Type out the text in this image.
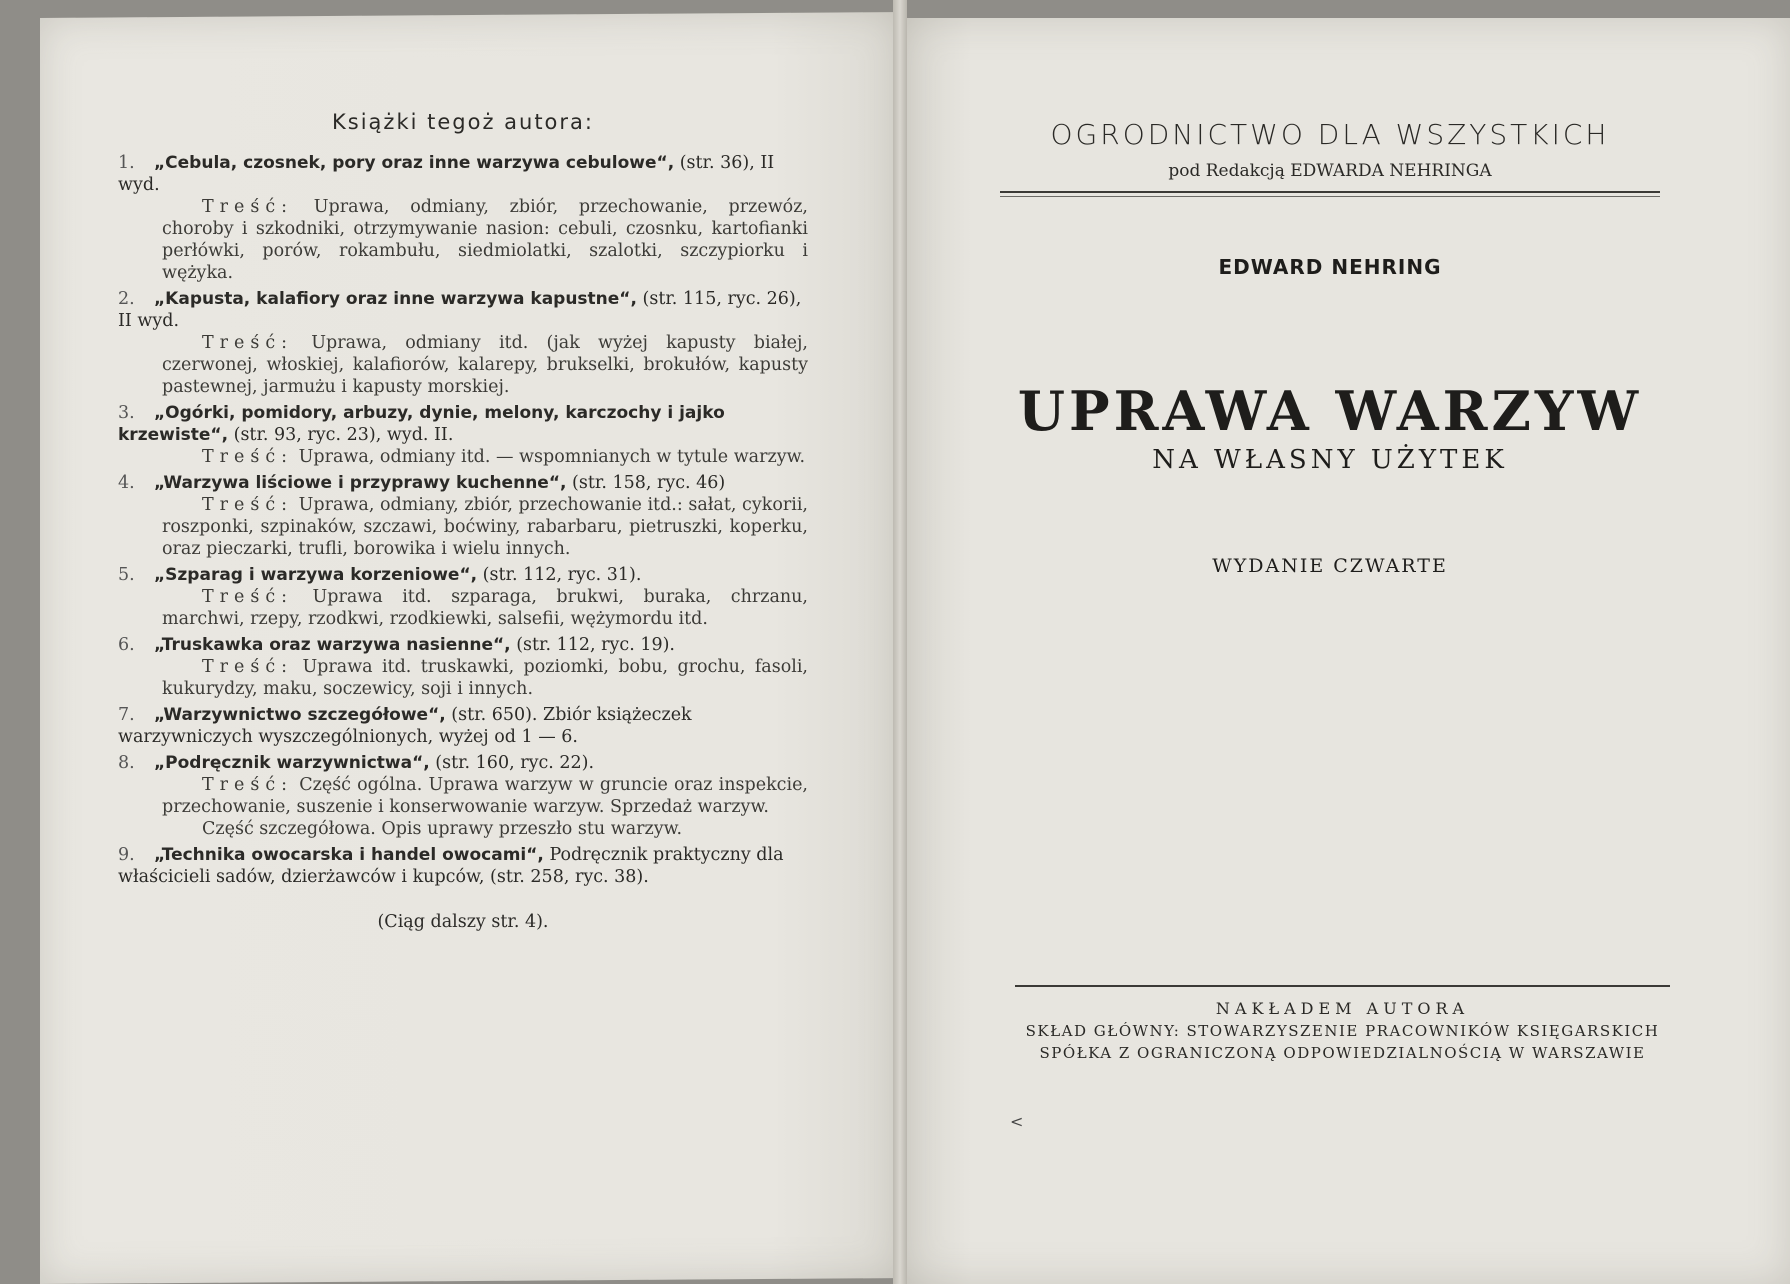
Książki tegoż autora:
1. „Cebula, czosnek, pory oraz inne warzywa cebulowe“, (str. 36), II wyd.
Treść: Uprawa, odmiany, zbiór, przechowanie, przewóz, choroby i szkodniki, otrzymywanie nasion: cebuli, czosnku, kartofianki perłówki, porów, rokambułu, siedmiolatki, szalotki, szczypiorku i wężyka.
2. „Kapusta, kalafiory oraz inne warzywa kapustne“, (str. 115, ryc. 26), II wyd.
Treść: Uprawa, odmiany itd. (jak wyżej kapusty białej, czerwonej, włoskiej, kalafiorów, kalarepy, brukselki, brokułów, kapusty pastewnej, jarmużu i kapusty morskiej.
3. „Ogórki, pomidory, arbuzy, dynie, melony, karczochy i jajko krzewiste“, (str. 93, ryc. 23), wyd. II.
Treść: Uprawa, odmiany itd. — wspomnianych w tytule warzyw.
4. „Warzywa liściowe i przyprawy kuchenne“, (str. 158, ryc. 46)
Treść: Uprawa, odmiany, zbiór, przechowanie itd.: sałat, cykorii, roszponki, szpinaków, szczawi, boćwiny, rabarbaru, pietruszki, koperku, oraz pieczarki, trufli, borowika i wielu innych.
5. „Szparag i warzywa korzeniowe“, (str. 112, ryc. 31).
Treść: Uprawa itd. szparaga, brukwi, buraka, chrzanu, marchwi, rzepy, rzodkwi, rzodkiewki, salsefii, wężymordu itd.
6. „Truskawka oraz warzywa nasienne“, (str. 112, ryc. 19).
Treść: Uprawa itd. truskawki, poziomki, bobu, grochu, fasoli, kukurydzy, maku, soczewicy, soji i innych.
7. „Warzywnictwo szczegółowe“, (str. 650). Zbiór książeczek warzywniczych wyszczególnionych, wyżej od 1 — 6.
8. „Podręcznik warzywnictwa“, (str. 160, ryc. 22).
Treść: Część ogólna. Uprawa warzyw w gruncie oraz inspekcie, przechowanie, suszenie i konserwowanie warzyw. Sprzedaż warzyw.
Część szczegółowa. Opis uprawy przeszło stu warzyw.
9. „Technika owocarska i handel owocami“, Podręcznik praktyczny dla właścicieli sadów, dzierżawców i kupców, (str. 258, ryc. 38).
(Ciąg dalszy str. 4).
OGRODNICTWO DLA WSZYSTKICH
pod Redakcją EDWARDA NEHRINGA
EDWARD NEHRING
UPRAWA WARZYW
NA WŁASNY UŻYTEK
WYDANIE CZWARTE
NAKŁADEM AUTORA
SKŁAD GŁÓWNY: STOWARZYSZENIE PRACOWNIKÓW KSIĘGARSKICH
SPÓŁKA Z OGRANICZONĄ ODPOWIEDZIALNOŚCIĄ W WARSZAWIE
<
